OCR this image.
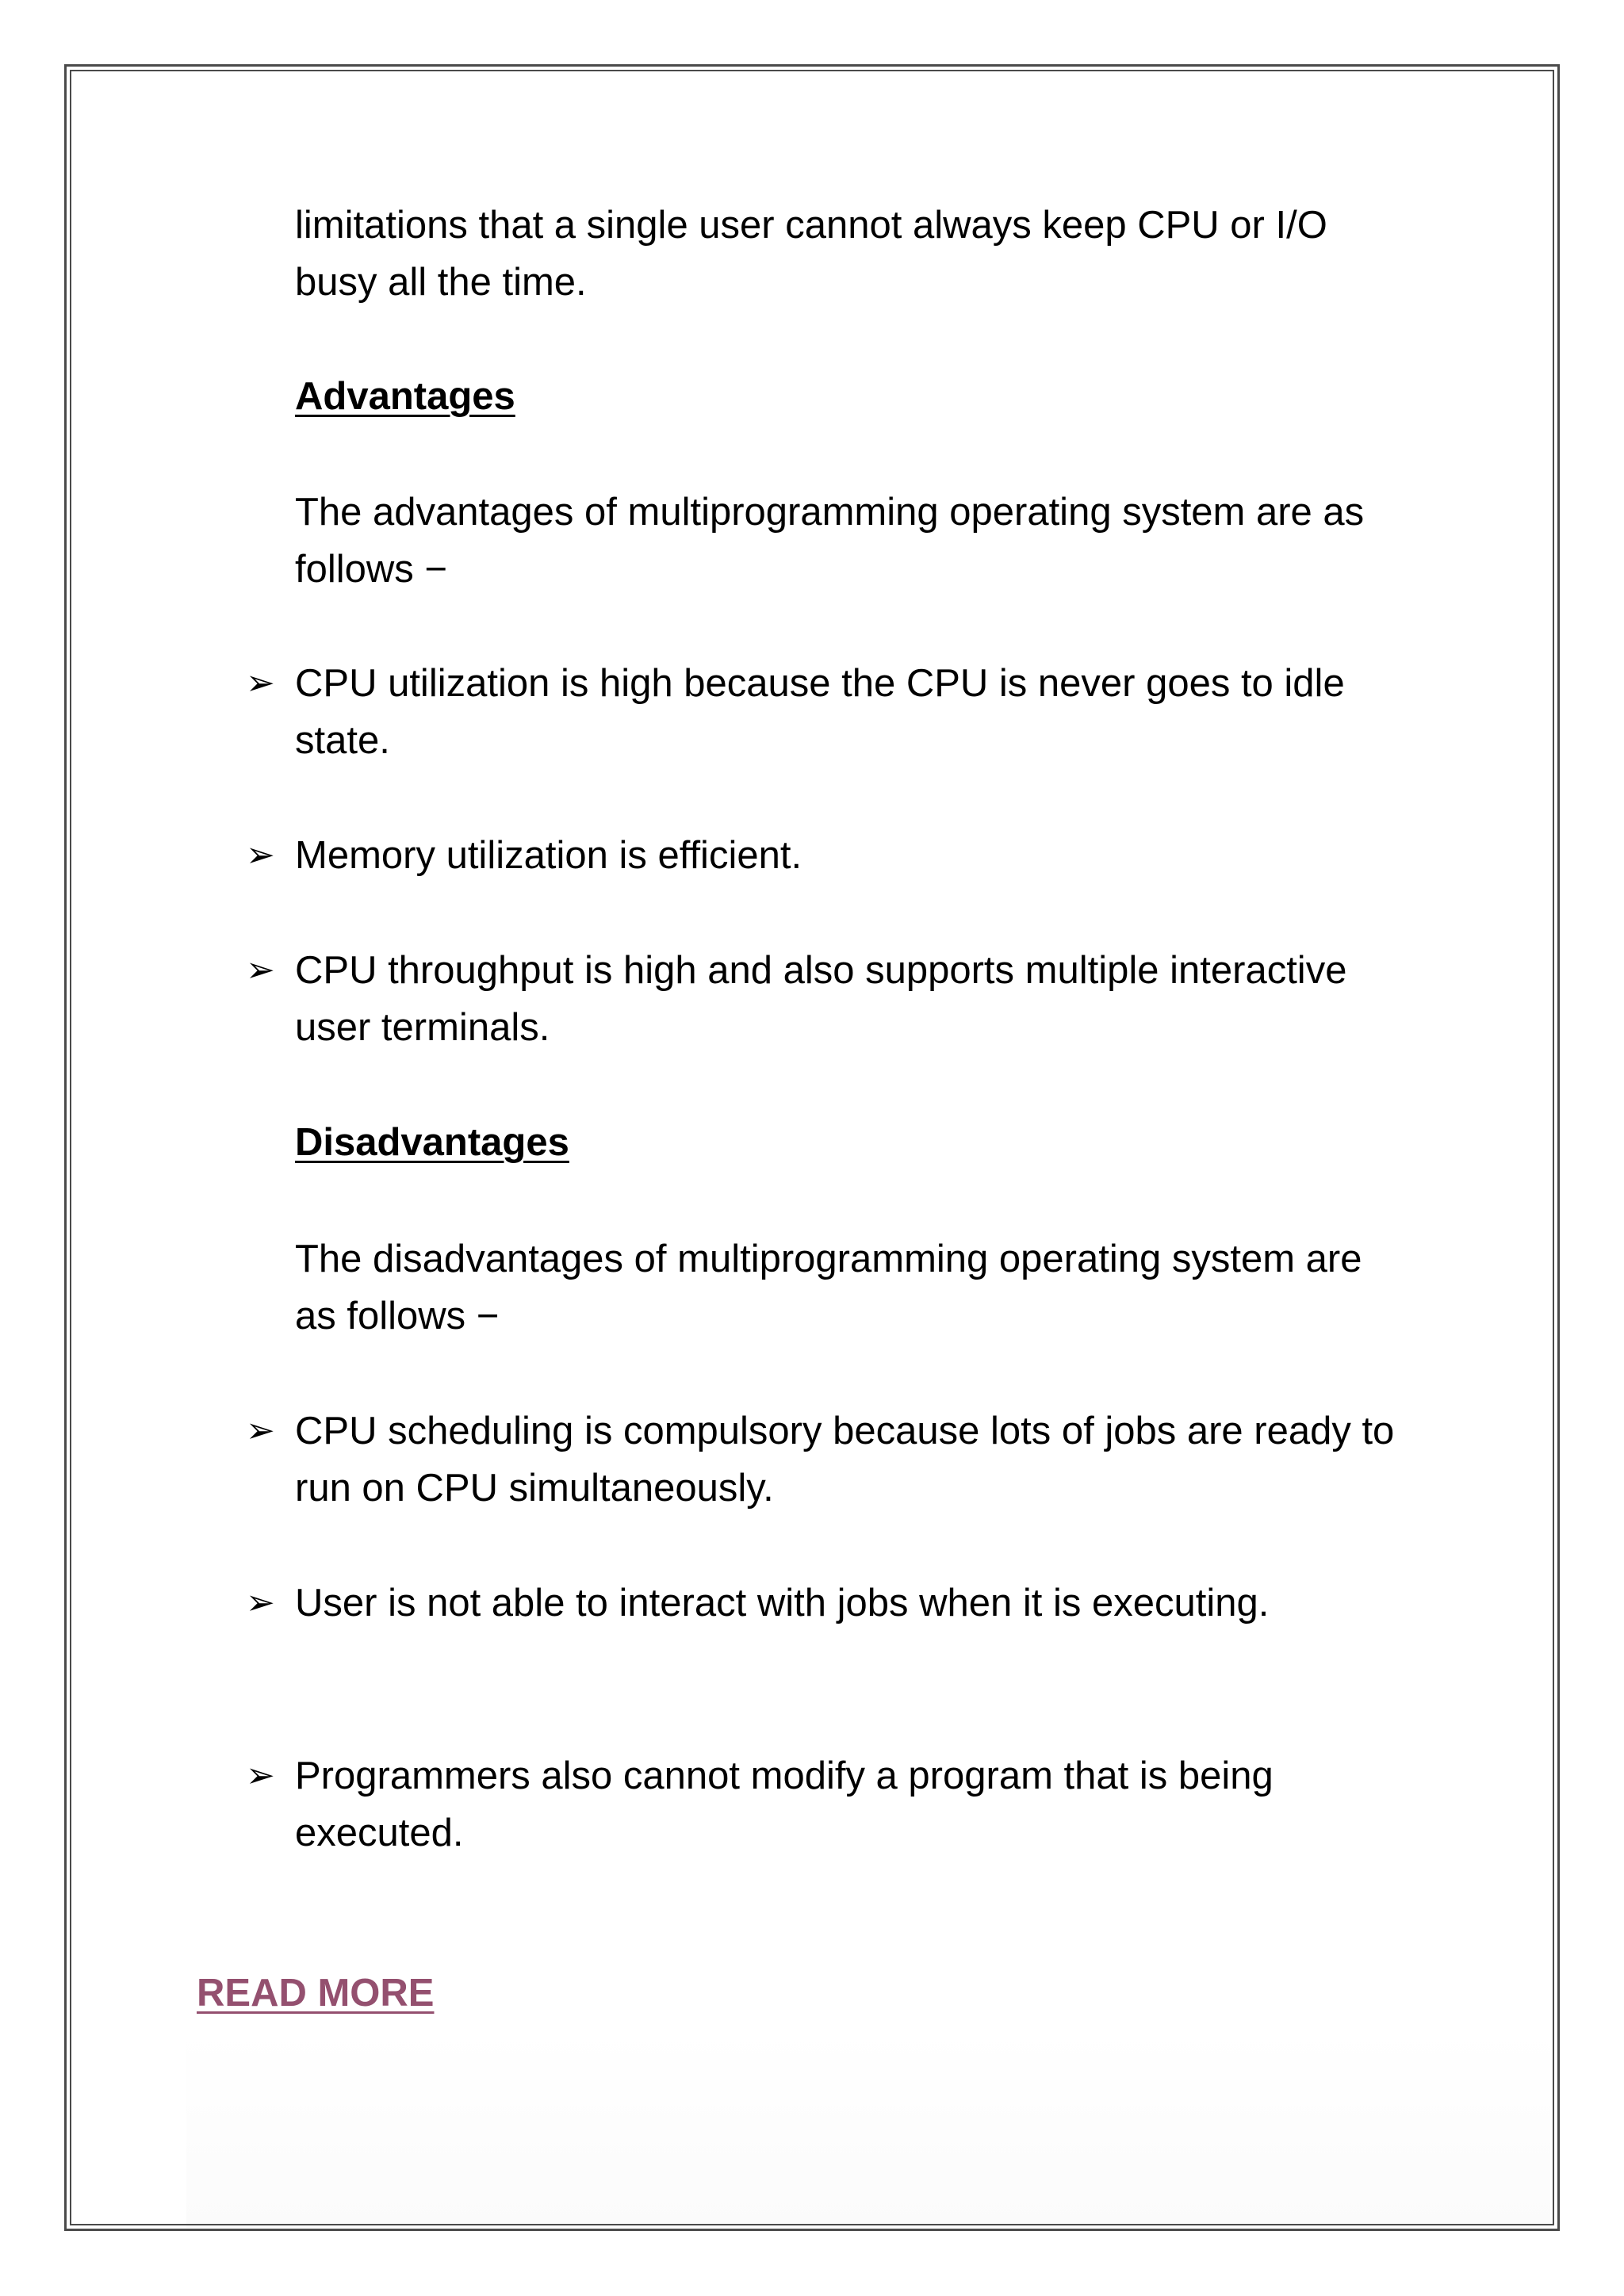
limitations that a single user cannot always keep CPU or I/O
busy all the time.
Advantages
The advantages of multiprogramming operating system are as
follows −
➢ CPU utilization is high because the CPU is never goes to idle
state.
➢ Memory utilization is efficient.
➢ CPU throughput is high and also supports multiple interactive
user terminals.
Disadvantages
The disadvantages of multiprogramming operating system are
as follows −
➢ CPU scheduling is compulsory because lots of jobs are ready to
run on CPU simultaneously.
➢ User is not able to interact with jobs when it is executing.
➢ Programmers also cannot modify a program that is being
executed.
READ MORE
